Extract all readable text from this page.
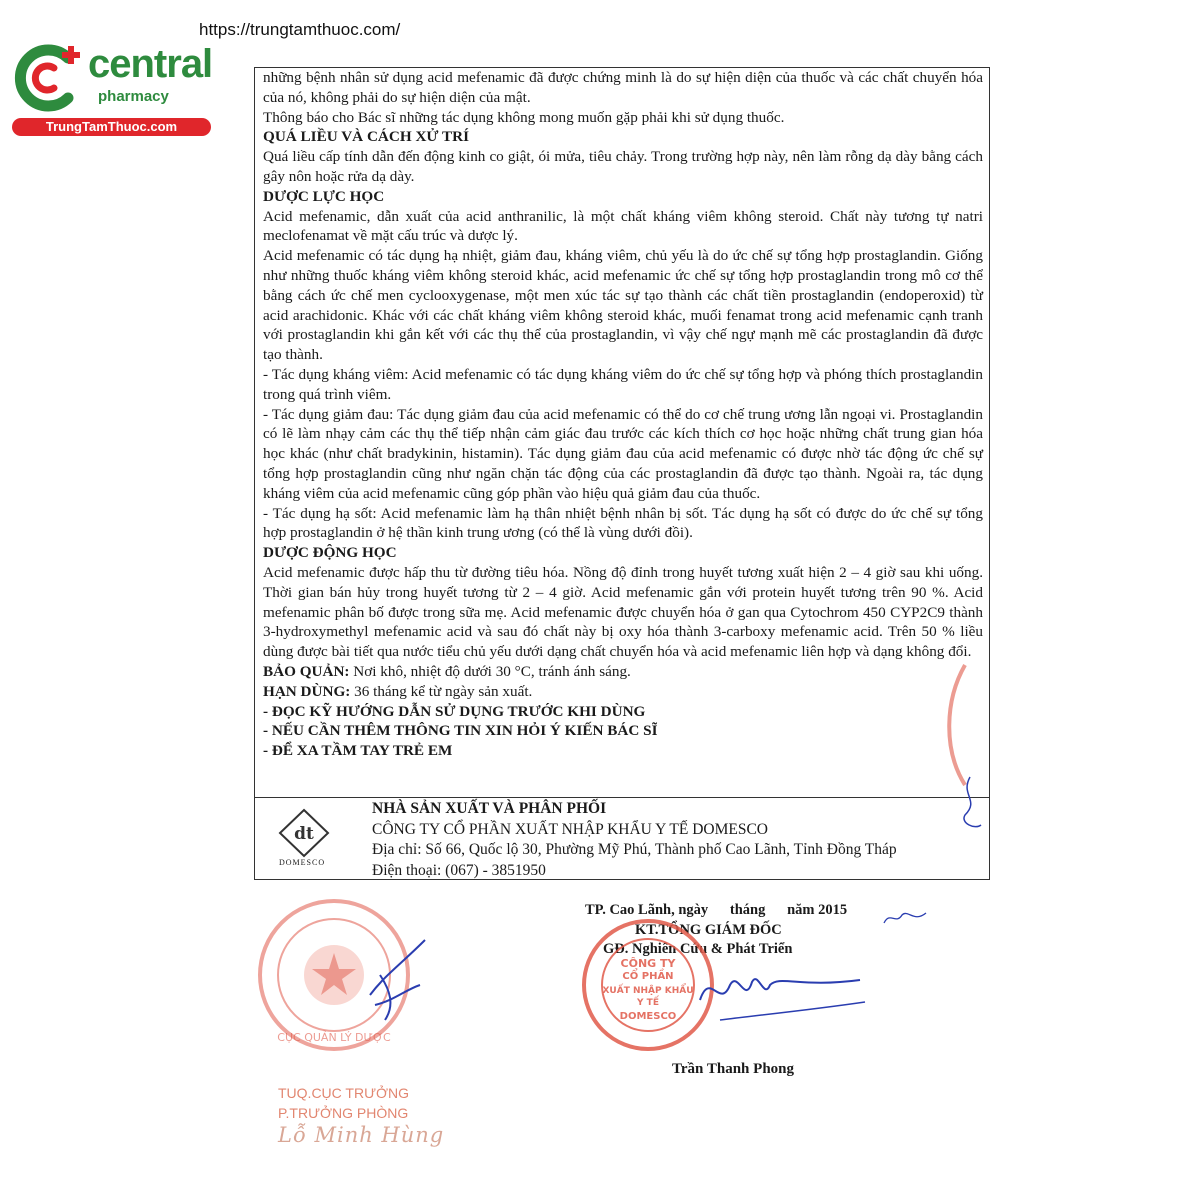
https://trungtamthuoc.com/
central
pharmacy
TrungTamThuoc.com

những bệnh nhân sử dụng acid mefenamic đã được chứng minh là do sự hiện diện của thuốc và các chất chuyển hóa của nó, không phải do sự hiện diện của mật.

Thông báo cho Bác sĩ những tác dụng không mong muốn gặp phải khi sử dụng thuốc.

QUÁ LIỀU VÀ CÁCH XỬ TRÍ

Quá liều cấp tính dẫn đến động kinh co giật, ói mửa, tiêu chảy. Trong trường hợp này, nên làm rỗng dạ dày bằng cách gây nôn hoặc rửa dạ dày.

DƯỢC LỰC HỌC

Acid mefenamic, dẫn xuất của acid anthranilic, là một chất kháng viêm không steroid. Chất này tương tự natri meclofenamat về mặt cấu trúc và dược lý.

Acid mefenamic có tác dụng hạ nhiệt, giảm đau, kháng viêm, chủ yếu là do ức chế sự tổng hợp prostaglandin. Giống như những thuốc kháng viêm không steroid khác, acid mefenamic ức chế sự tổng hợp prostaglandin trong mô cơ thể bằng cách ức chế men cyclooxygenase, một men xúc tác sự tạo thành các chất tiền prostaglandin (endoperoxid) từ acid arachidonic. Khác với các chất kháng viêm không steroid khác, muối fenamat trong acid mefenamic cạnh tranh với prostaglandin khi gắn kết với các thụ thể của prostaglandin, vì vậy chế ngự mạnh mẽ các prostaglandin đã được tạo thành.

- Tác dụng kháng viêm: Acid mefenamic có tác dụng kháng viêm do ức chế sự tổng hợp và phóng thích prostaglandin trong quá trình viêm.

- Tác dụng giảm đau: Tác dụng giảm đau của acid mefenamic có thể do cơ chế trung ương lẫn ngoại vi. Prostaglandin có lẽ làm nhạy cảm các thụ thể tiếp nhận cảm giác đau trước các kích thích cơ học hoặc những chất trung gian hóa học khác (như chất bradykinin, histamin). Tác dụng giảm đau của acid mefenamic có được nhờ tác động ức chế sự tổng hợp prostaglandin cũng như ngăn chặn tác động của các prostaglandin đã được tạo thành. Ngoài ra, tác dụng kháng viêm của acid mefenamic cũng góp phần vào hiệu quả giảm đau của thuốc.

- Tác dụng hạ sốt: Acid mefenamic làm hạ thân nhiệt bệnh nhân bị sốt. Tác dụng hạ sốt có được do ức chế sự tổng hợp prostaglandin ở hệ thần kinh trung ương (có thể là vùng dưới đồi).

DƯỢC ĐỘNG HỌC

Acid mefenamic được hấp thu từ đường tiêu hóa. Nồng độ đỉnh trong huyết tương xuất hiện 2 – 4 giờ sau khi uống. Thời gian bán hủy trong huyết tương từ 2 – 4 giờ. Acid mefenamic gắn với protein huyết tương trên 90 %. Acid mefenamic phân bố được trong sữa mẹ. Acid mefenamic được chuyển hóa ở gan qua Cytochrom 450 CYP2C9 thành 3-hydroxymethyl mefenamic acid và sau đó chất này bị oxy hóa thành 3-carboxy mefenamic acid. Trên 50 % liều dùng được bài tiết qua nước tiểu chủ yếu dưới dạng chất chuyển hóa và acid mefenamic liên hợp và dạng không đổi.

BẢO QUẢN: Nơi khô, nhiệt độ dưới 30 °C, tránh ánh sáng.

HẠN DÙNG: 36 tháng kể từ ngày sản xuất.

- ĐỌC KỸ HƯỚNG DẪN SỬ DỤNG TRƯỚC KHI DÙNG

- NẾU CẦN THÊM THÔNG TIN XIN HỎI Ý KIẾN BÁC SĨ

- ĐỂ XA TẦM TAY TRẺ EM

dt
DOMESCO
NHÀ SẢN XUẤT VÀ PHÂN PHỐI
CÔNG TY CỔ PHẦN XUẤT NHẬP KHẨU Y TẾ DOMESCO
Địa chỉ: Số 66, Quốc lộ 30, Phường Mỹ Phú, Thành phố Cao Lãnh, Tỉnh Đồng Tháp
Điện thoại: (067) - 3851950
TP. Cao Lãnh, ngày      tháng      năm 2015
KT.TỔNG GIÁM ĐỐC
GĐ. Nghiên Cứu & Phát Triển
CÔNG TY
CỔ PHẦN
XUẤT NHẬP KHẨU
Y TẾ
DOMESCO
Trần Thanh Phong
CỤC QUẢN LÝ DƯỢC
TUQ.CỤC TRƯỞNG
P.TRƯỞNG PHÒNG
Lỗ Minh Hùng
